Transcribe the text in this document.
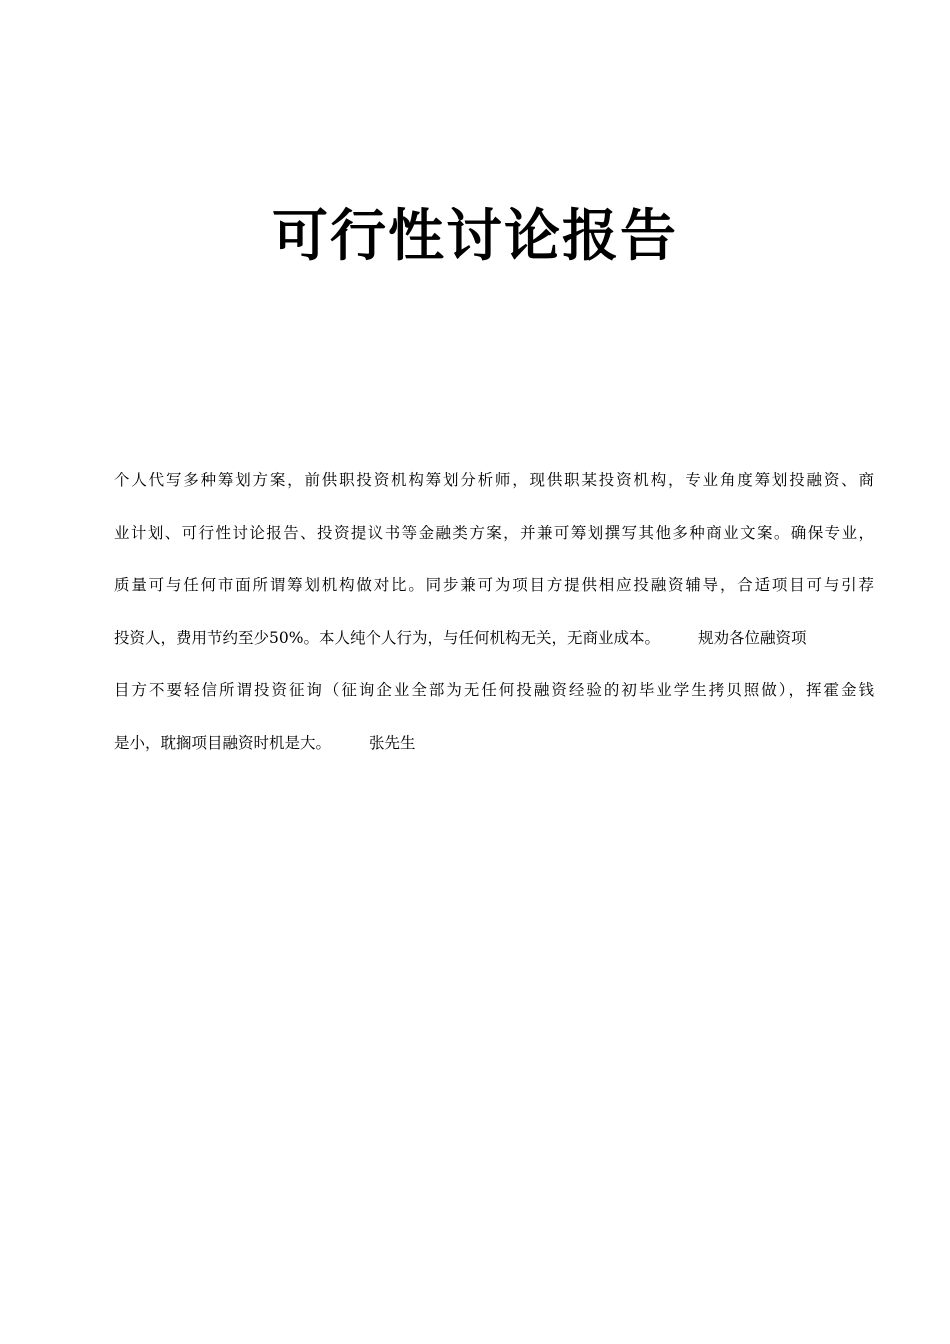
可行性讨论报告
个人代写多种筹划方案，前供职投资机构筹划分析师，现供职某投资机构，专业角度筹划投融资、商
业计划、可行性讨论报告、投资提议书等金融类方案，并兼可筹划撰写其他多种商业文案。确保专业，
质量可与任何市面所谓筹划机构做对比。同步兼可为项目方提供相应投融资辅导，合适项目可与引荐
投资人，费用节约至少50%。本人纯个人行为，与任何机构无关，无商业成本。 规劝各位融资项
目方不要轻信所谓投资征询（征询企业全部为无任何投融资经验的初毕业学生拷贝照做），挥霍金钱
是小，耽搁项目融资时机是大。 张先生
